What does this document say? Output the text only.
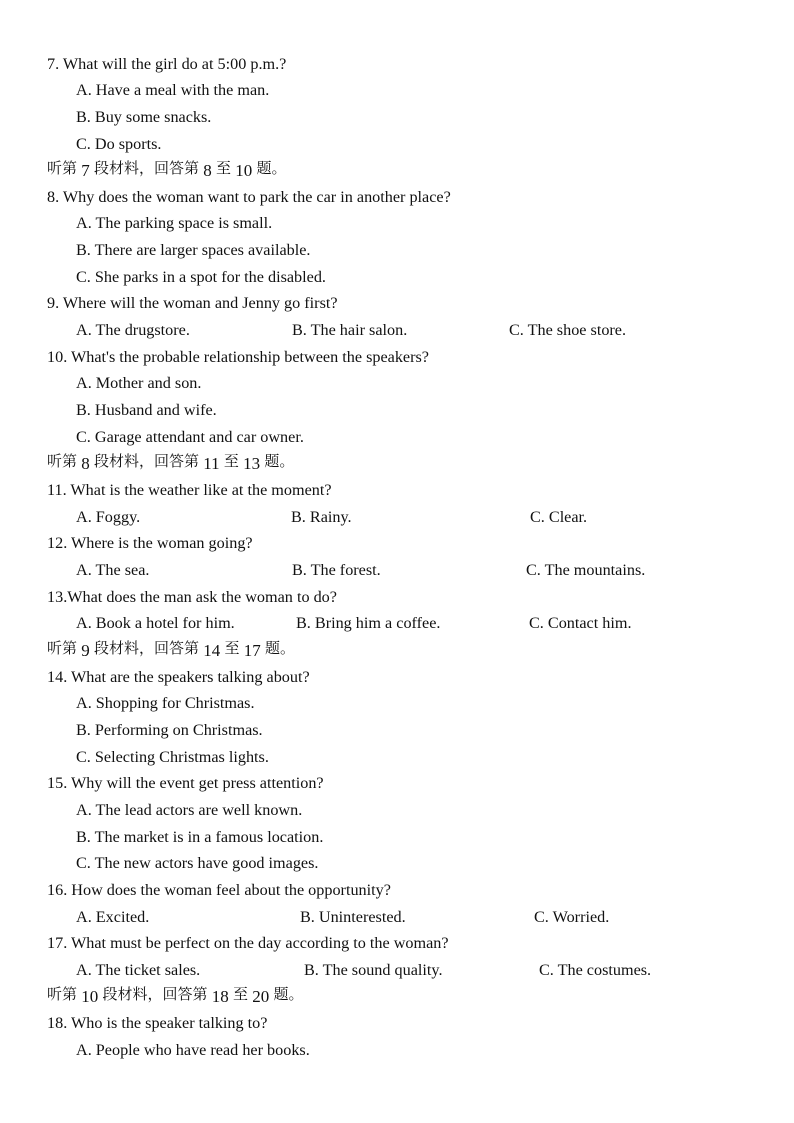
7. What will the girl do at 5:00 p.m.?
A. Have a meal with the man.
B. Buy some snacks.
C. Do sports.
听第 7 段材料，回答第 8 至 10 题。
8. Why does the woman want to park the car in another place?
A. The parking space is small.
B. There are larger spaces available.
C. She parks in a spot for the disabled.
9. Where will the woman and Jenny go first?
A. The drugstore.	B. The hair salon.	C. The shoe store.
10. What's the probable relationship between the speakers?
A. Mother and son.
B. Husband and wife.
C. Garage attendant and car owner.
听第 8 段材料，回答第 11 至 13 题。
11. What is the weather like at the moment?
A. Foggy.	B. Rainy.	C. Clear.
12. Where is the woman going?
A. The sea.	B. The forest.	C. The mountains.
13.What does the man ask the woman to do?
A. Book a hotel for him.	B. Bring him a coffee.	C. Contact him.
听第 9 段材料，回答第 14 至 17 题。
14. What are the speakers talking about?
A. Shopping for Christmas.
B. Performing on Christmas.
C. Selecting Christmas lights.
15. Why will the event get press attention?
A. The lead actors are well known.
B. The market is in a famous location.
C. The new actors have good images.
16. How does the woman feel about the opportunity?
A. Excited.	B. Uninterested.	C. Worried.
17. What must be perfect on the day according to the woman?
A. The ticket sales.	B. The sound quality.	C. The costumes.
听第 10 段材料，回答第 18 至 20 题。
18. Who is the speaker talking to?
A. People who have read her books.
